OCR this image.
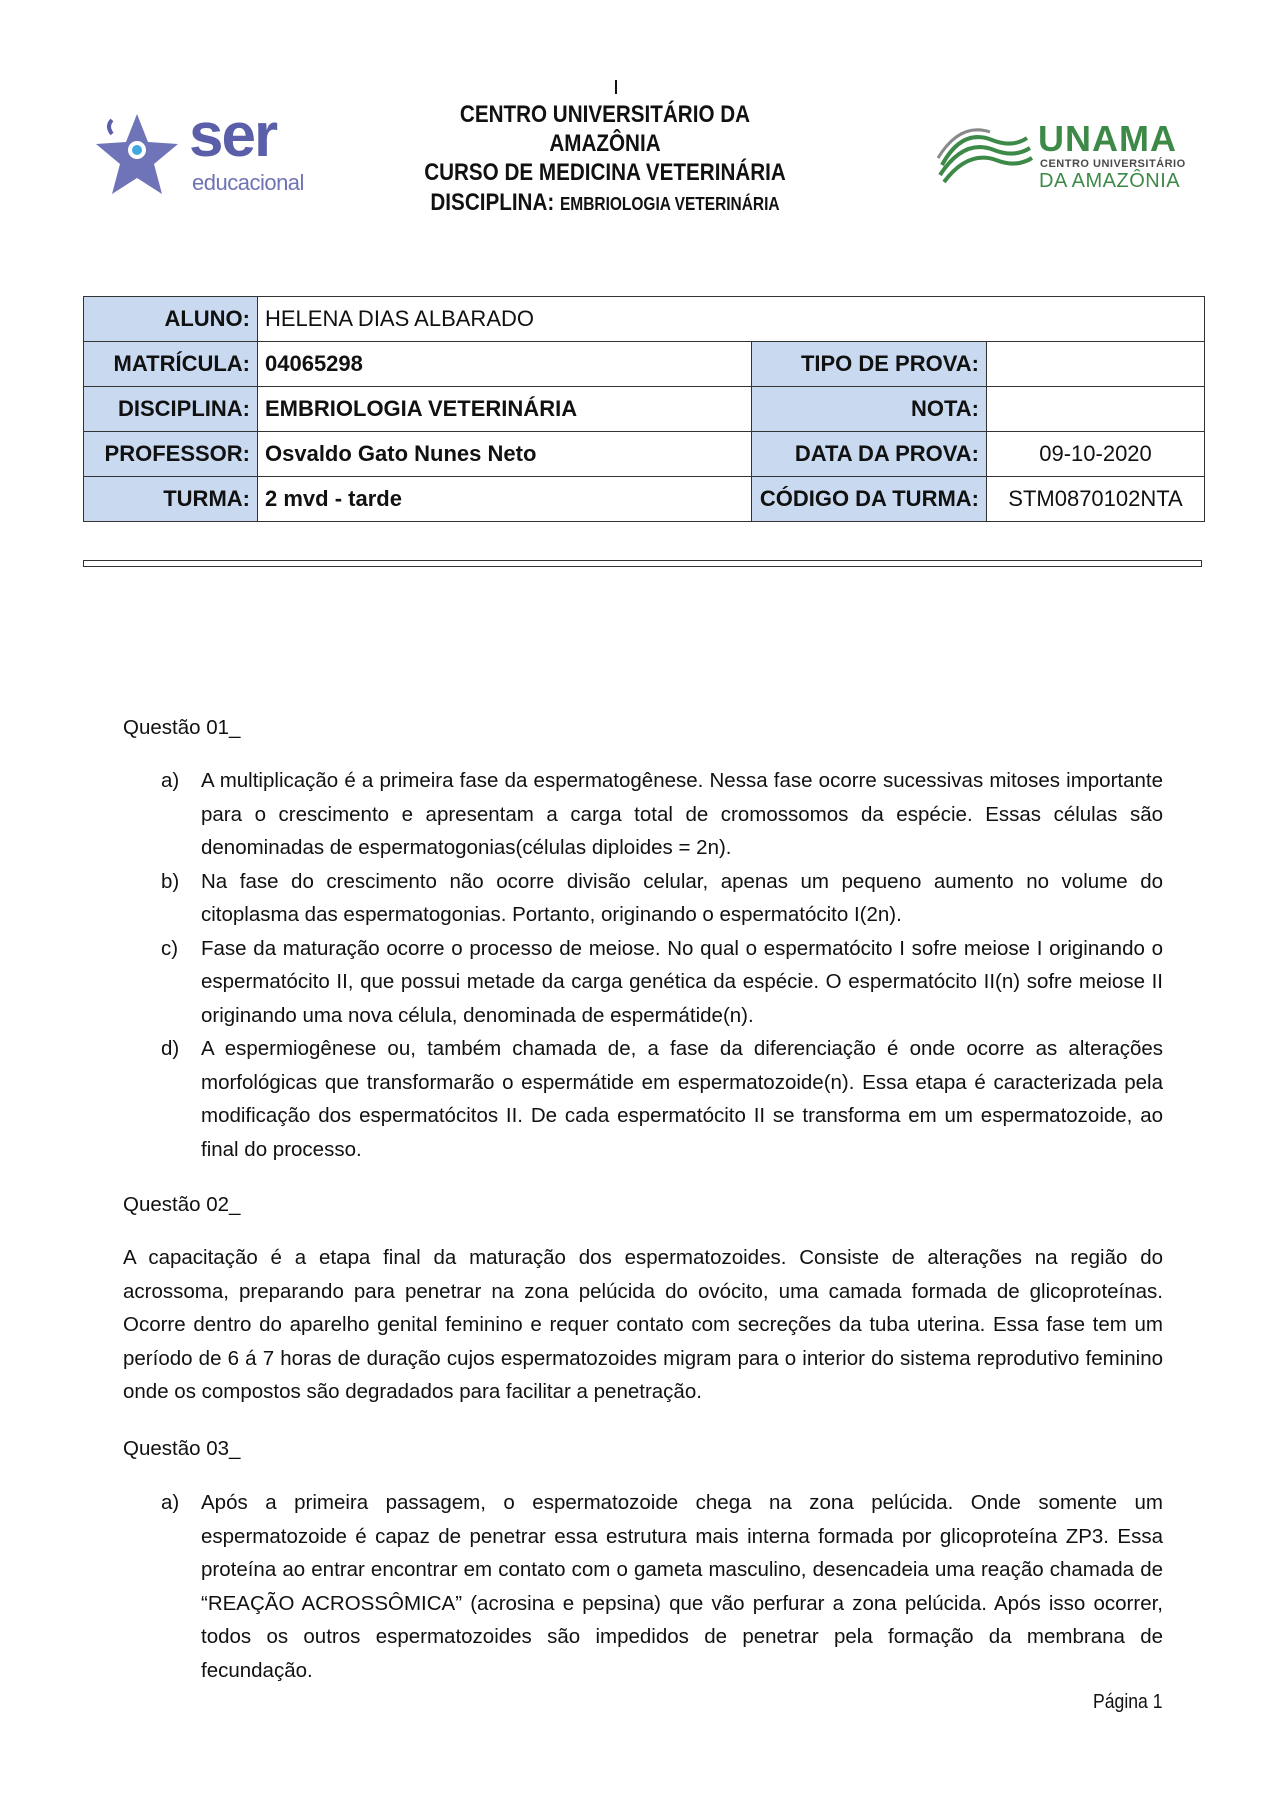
ser
educacional
CENTRO UNIVERSITÁRIO DA AMAZÔNIA
CURSO DE MEDICINA VETERINÁRIA
DISCIPLINA: EMBRIOLOGIA VETERINÁRIA
UNAMA
CENTRO UNIVERSITÁRIO
DA AMAZÔNIA
ALUNO:	HELENA DIAS ALBARADO		
MATRÍCULA:	04065298	TIPO DE PROVA:	
DISCIPLINA:	EMBRIOLOGIA VETERINÁRIA	NOTA:	
PROFESSOR:	Osvaldo Gato Nunes Neto	DATA DA PROVA:	09-10-2020
TURMA:	2 mvd - tarde	CÓDIGO DA TURMA:	STM0870102NTA
Questão 01_
a) A multiplicação é a primeira fase da espermatogênese. Nessa fase ocorre sucessivas mitoses importante para o crescimento e apresentam a carga total de cromossomos da espécie. Essas células são denominadas de espermatogonias(células diploides = 2n).
b) Na fase do crescimento não ocorre divisão celular, apenas um pequeno aumento no volume do citoplasma das espermatogonias. Portanto, originando o espermatócito I(2n).
c) Fase da maturação ocorre o processo de meiose. No qual o espermatócito I sofre meiose I originando o espermatócito II, que possui metade da carga genética da espécie. O espermatócito II(n) sofre meiose II originando uma nova célula, denominada de espermátide(n).
d) A espermiogênese ou, também chamada de, a fase da diferenciação é onde ocorre as alterações morfológicas que transformarão o espermátide em espermatozoide(n). Essa etapa é caracterizada pela modificação dos espermatócitos II. De cada espermatócito II se transforma em um espermatozoide, ao final do processo.
Questão 02_

A capacitação é a etapa final da maturação dos espermatozoides. Consiste de alterações na região do acrossoma, preparando para penetrar na zona pelúcida do ovócito, uma camada formada de glicoproteínas. Ocorre dentro do aparelho genital feminino e requer contato com secreções da tuba uterina. Essa fase tem um período de 6 á 7 horas de duração cujos espermatozoides migram para o interior do sistema reprodutivo feminino onde os compostos são degradados para facilitar a penetração.

Questão 03_
a) Após a primeira passagem, o espermatozoide chega na zona pelúcida. Onde somente um espermatozoide é capaz de penetrar essa estrutura mais interna formada por glicoproteína ZP3. Essa proteína ao entrar encontrar em contato com o gameta masculino, desencadeia uma reação chamada de “REAÇÃO ACROSSÔMICA” (acrosina e pepsina) que vão perfurar a zona pelúcida. Após isso ocorrer, todos os outros espermatozoides são impedidos de penetrar pela formação da membrana de fecundação.
Página 1
